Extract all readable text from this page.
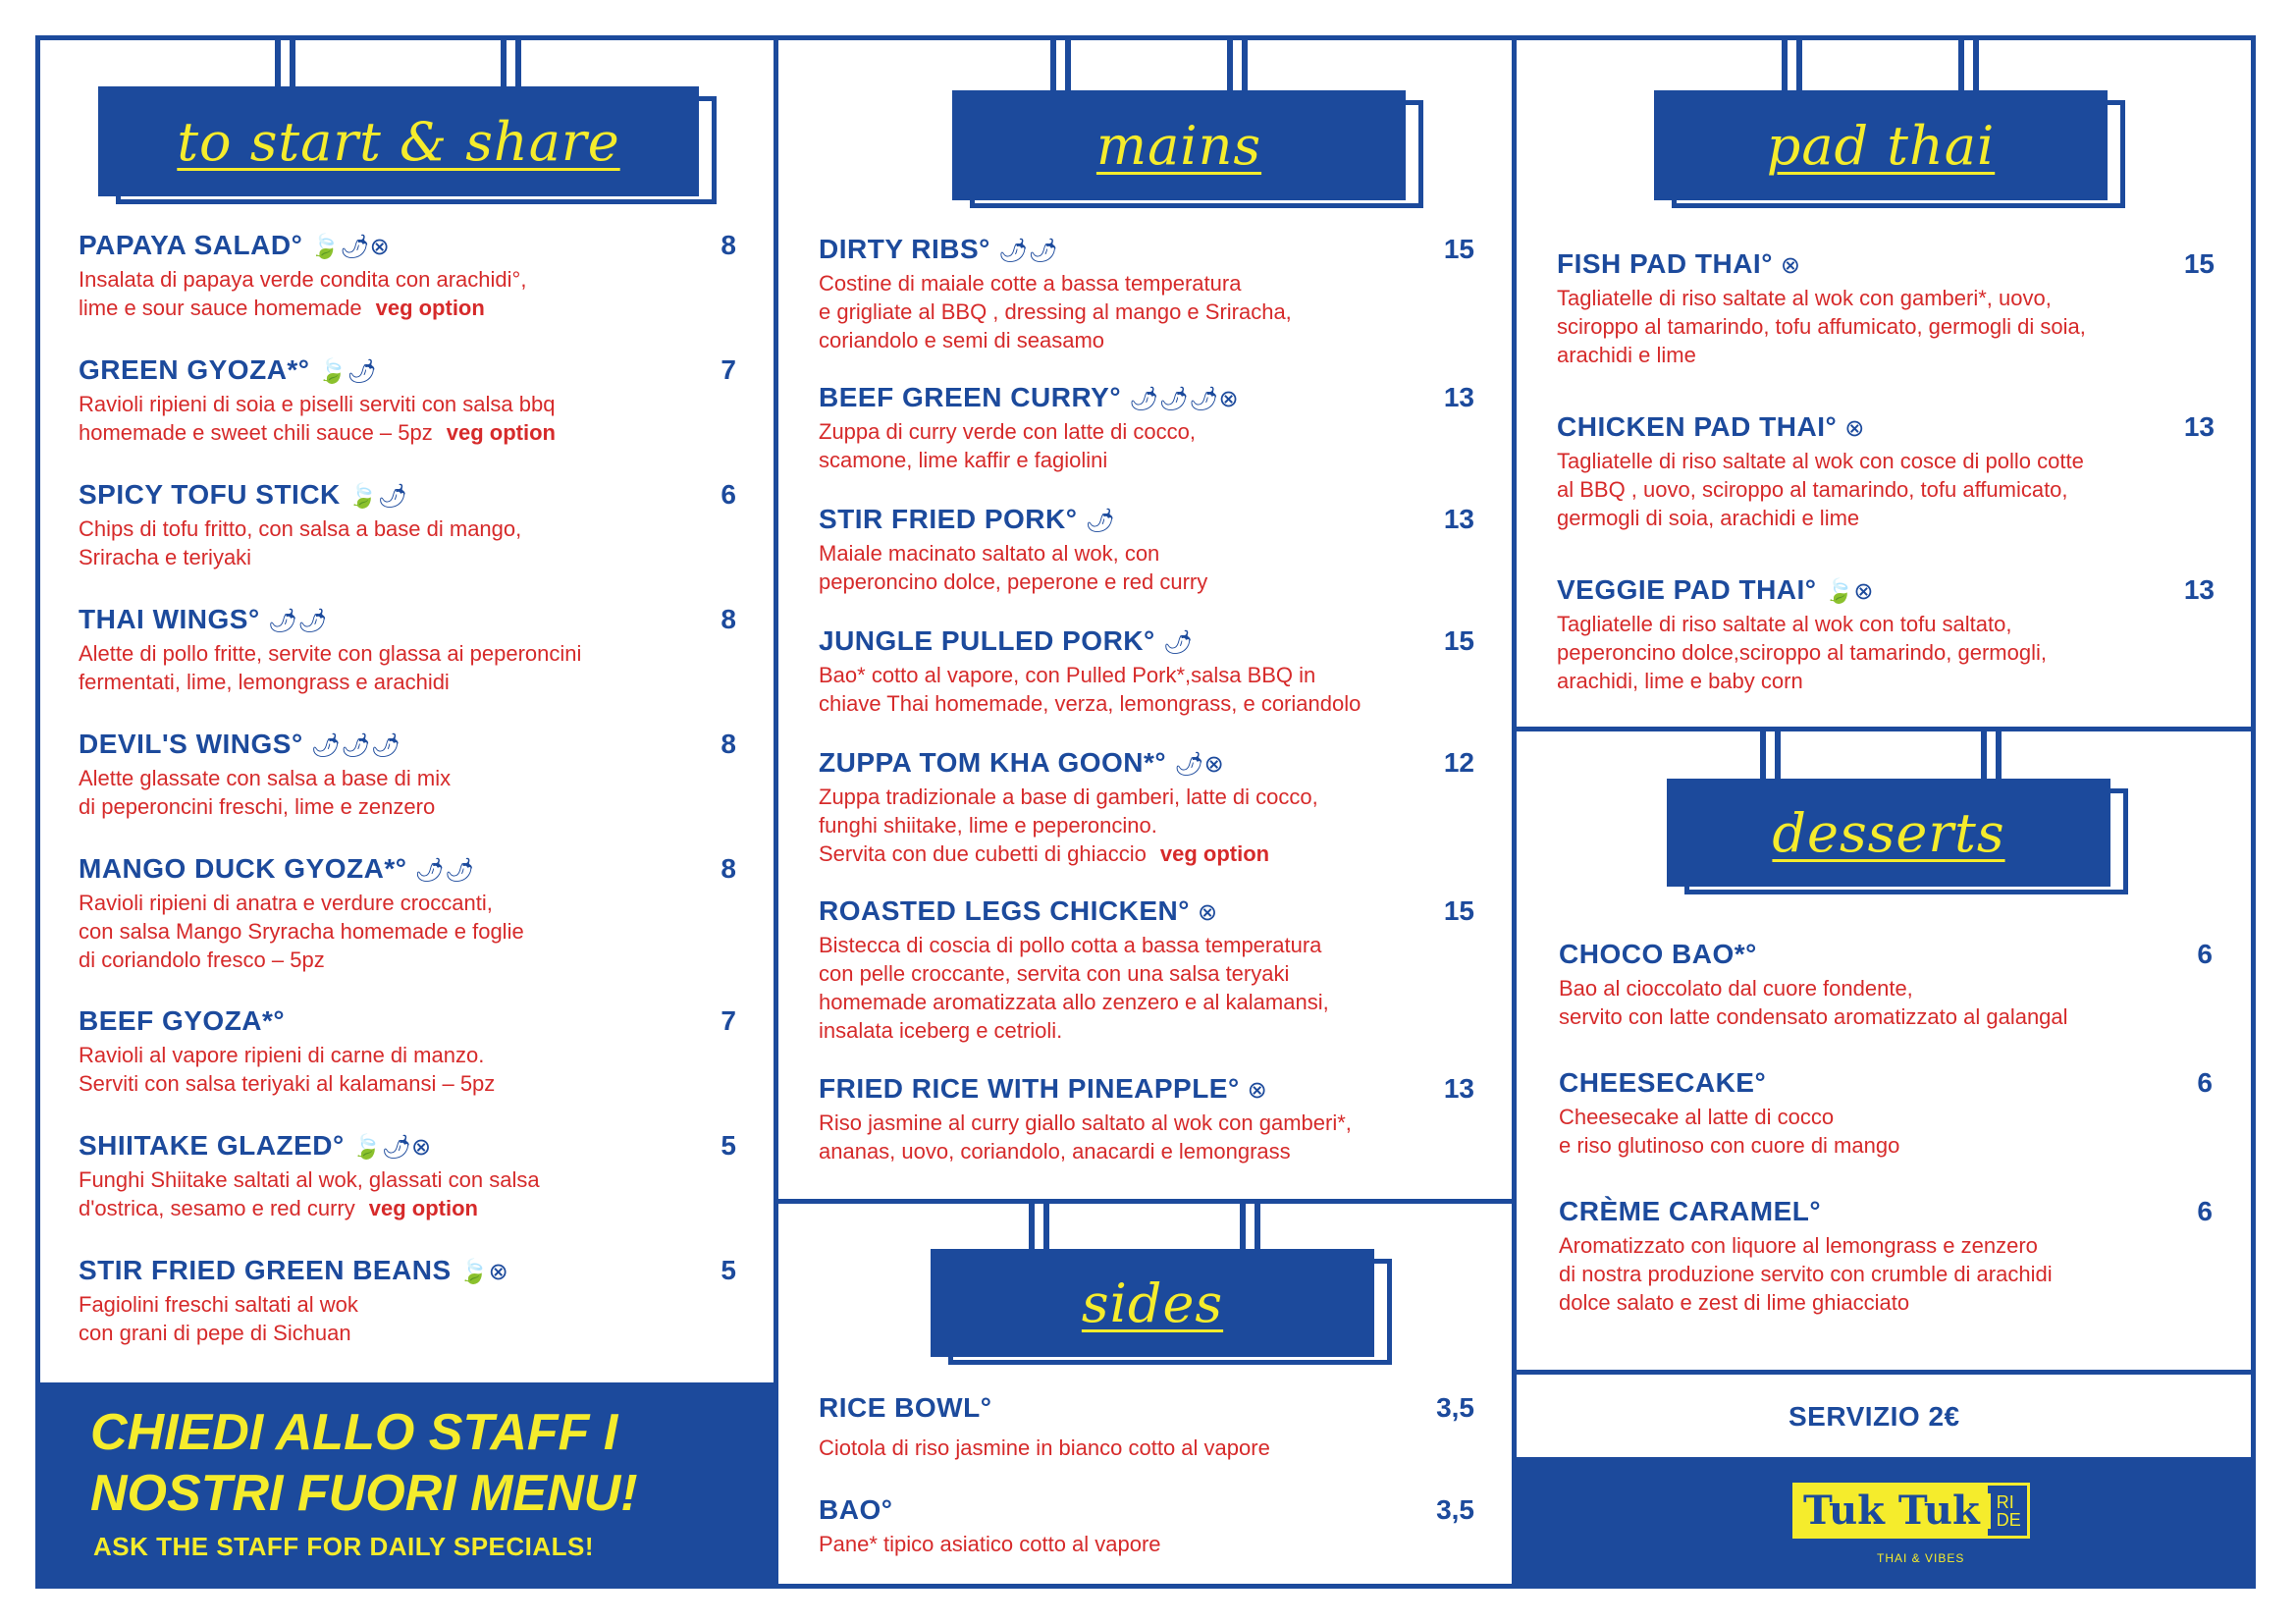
to start & share	mains	pad thai
desserts
sides
PAPAYA SALAD° 🍃🌶⊗	8
Insalata di papaya verde condita con arachidi°,
lime e sour sauce homemade veg option
GREEN GYOZA*° 🍃🌶	7
Ravioli ripieni di soia e piselli serviti con salsa bbq
homemade e sweet chili sauce – 5pz veg option
SPICY TOFU STICK 🍃🌶	6
Chips di tofu fritto, con salsa a base di mango,
Sriracha e teriyaki
THAI WINGS° 🌶🌶	8
Alette di pollo fritte, servite con glassa ai peperoncini
fermentati, lime, lemongrass e arachidi
DEVIL'S WINGS° 🌶🌶🌶	8
Alette glassate con salsa a base di mix
di peperoncini freschi, lime e zenzero
MANGO DUCK GYOZA*° 🌶🌶	8
Ravioli ripieni di anatra e verdure croccanti,
con salsa Mango Sryracha homemade e foglie
di coriandolo fresco – 5pz
BEEF GYOZA*°	7
Ravioli al vapore ripieni di carne di manzo.
Serviti con salsa teriyaki al kalamansi – 5pz
SHIITAKE GLAZED° 🍃🌶⊗	5
Funghi Shiitake saltati al wok, glassati con salsa
d'ostrica, sesamo e red curry veg option
STIR FRIED GREEN BEANS 🍃⊗	5
Fagiolini freschi saltati al wok
con grani di pepe di Sichuan
CHIEDI ALLO STAFF I
NOSTRI FUORI MENU!
ASK THE STAFF FOR DAILY SPECIALS!
DIRTY RIBS° 🌶🌶	15
Costine di maiale cotte a bassa temperatura
e grigliate al BBQ , dressing al mango e Sriracha,
coriandolo e semi di seasamo
BEEF GREEN CURRY° 🌶🌶🌶⊗	13
Zuppa di curry verde con latte di cocco,
scamone, lime kaffir e fagiolini
STIR FRIED PORK° 🌶	13
Maiale macinato saltato al wok, con
peperoncino dolce, peperone e red curry
JUNGLE PULLED PORK° 🌶	15
Bao* cotto al vapore, con Pulled Pork*,salsa BBQ in
chiave Thai homemade, verza, lemongrass, e coriandolo
ZUPPA TOM KHA GOON*° 🌶⊗	12
Zuppa tradizionale a base di gamberi, latte di cocco,
funghi shiitake, lime e peperoncino.
Servita con due cubetti di ghiaccio veg option
ROASTED LEGS CHICKEN° ⊗	15
Bistecca di coscia di pollo cotta a bassa temperatura
con pelle croccante, servita con una salsa teryaki
homemade aromatizzata allo zenzero e al kalamansi,
insalata iceberg e cetrioli.
FRIED RICE WITH PINEAPPLE° ⊗	13
Riso jasmine al curry giallo saltato al wok con gamberi*,
ananas, uovo, coriandolo, anacardi e lemongrass
RICE BOWL°	3,5
Ciotola di riso jasmine in bianco cotto al vapore
BAO°	3,5
Pane* tipico asiatico cotto al vapore
FISH PAD THAI° ⊗	15
Tagliatelle di riso saltate al wok con gamberi*, uovo,
sciroppo al tamarindo, tofu affumicato, germogli di soia,
arachidi e lime
CHICKEN PAD THAI° ⊗	13
Tagliatelle di riso saltate al wok con cosce di pollo cotte
al BBQ , uovo, sciroppo al tamarindo, tofu affumicato,
germogli di soia, arachidi e lime
VEGGIE PAD THAI° 🍃⊗	13
Tagliatelle di riso saltate al wok con tofu saltato,
peperoncino dolce,sciroppo al tamarindo, germogli,
arachidi, lime e baby corn
CHOCO BAO*°	6
Bao al cioccolato dal cuore fondente,
servito con latte condensato aromatizzato al galangal
CHEESECAKE°	6
Cheesecake al latte di cocco
e riso glutinoso con cuore di mango
CRÈME CARAMEL°	6
Aromatizzato con liquore al lemongrass e zenzero
di nostra produzione servito con crumble di arachidi
dolce salato e zest di lime ghiacciato
SERVIZIO 2€
Tuk Tuk RI
DE
THAI & VIBES
